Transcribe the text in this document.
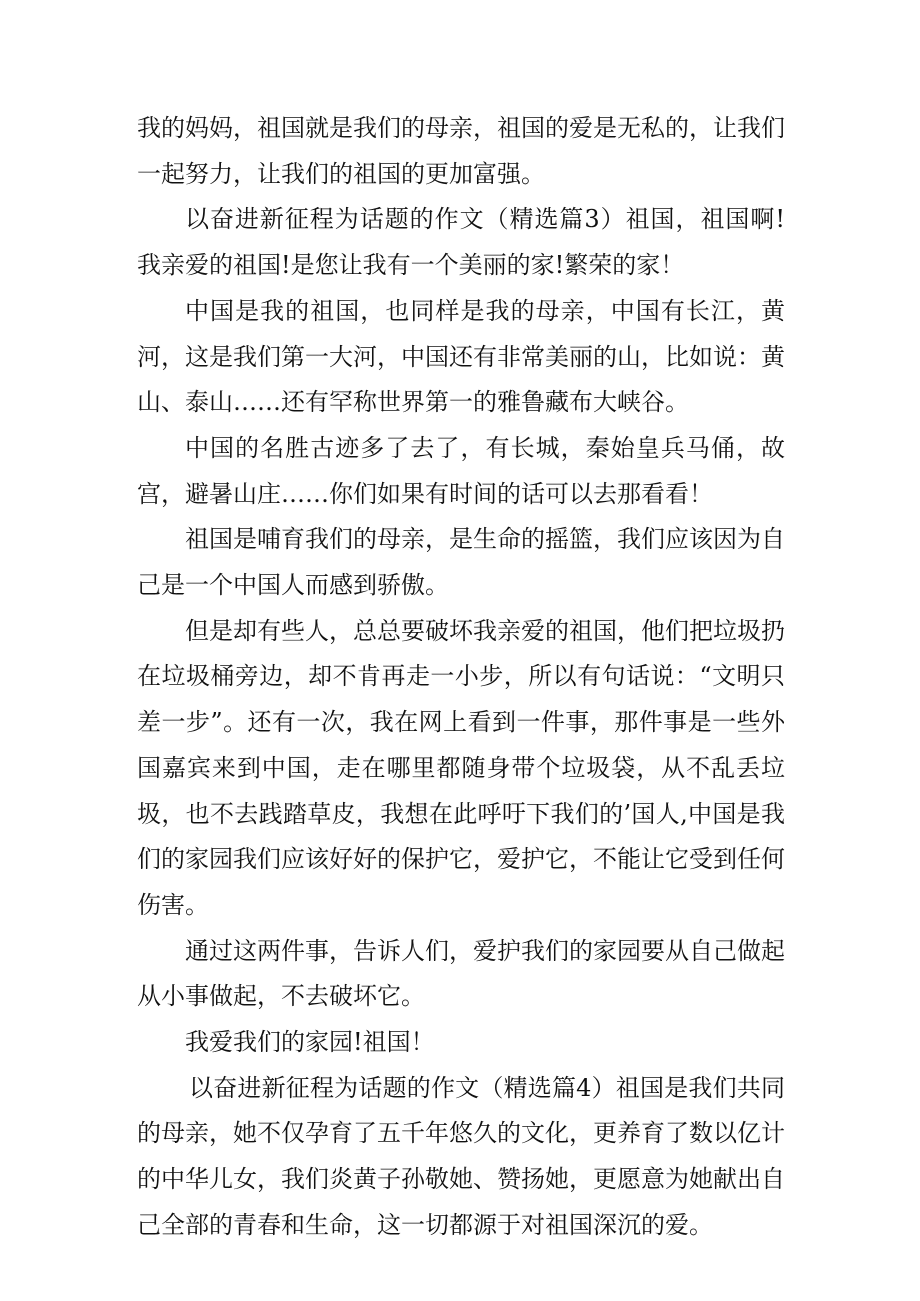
我的妈妈，祖国就是我们的母亲，祖国的爱是无私的，让我们一起努力，让我们的祖国的更加富强。

以奋进新征程为话题的作文（精选篇3）祖国，祖国啊!我亲爱的祖国!是您让我有一个美丽的家!繁荣的家！

中国是我的祖国，也同样是我的母亲，中国有长江，黄河，这是我们第一大河，中国还有非常美丽的山，比如说：黄山、泰山……还有罕称世界第一的雅鲁藏布大峡谷。

中国的名胜古迹多了去了，有长城，秦始皇兵马俑，故宫，避暑山庄……你们如果有时间的话可以去那看看！

祖国是哺育我们的母亲，是生命的摇篮，我们应该因为自己是一个中国人而感到骄傲。

但是却有些人，总总要破坏我亲爱的祖国，他们把垃圾扔在垃圾桶旁边，却不肯再走一小步，所以有句话说：“文明只差一步”。还有一次，我在网上看到一件事，那件事是一些外国嘉宾来到中国，走在哪里都随身带个垃圾袋，从不乱丢垃圾，也不去践踏草皮，我想在此呼吁下我们的’国人,中国是我们的家园我们应该好好的保护它，爱护它，不能让它受到任何伤害。

通过这两件事，告诉人们，爱护我们的家园要从自己做起从小事做起，不去破坏它。

我爱我们的家园!祖国！

以奋进新征程为话题的作文（精选篇4）祖国是我们共同的母亲，她不仅孕育了五千年悠久的文化，更养育了数以亿计的中华儿女，我们炎黄子孙敬她、赞扬她，更愿意为她献出自己全部的青春和生命，这一切都源于对祖国深沉的爱。
